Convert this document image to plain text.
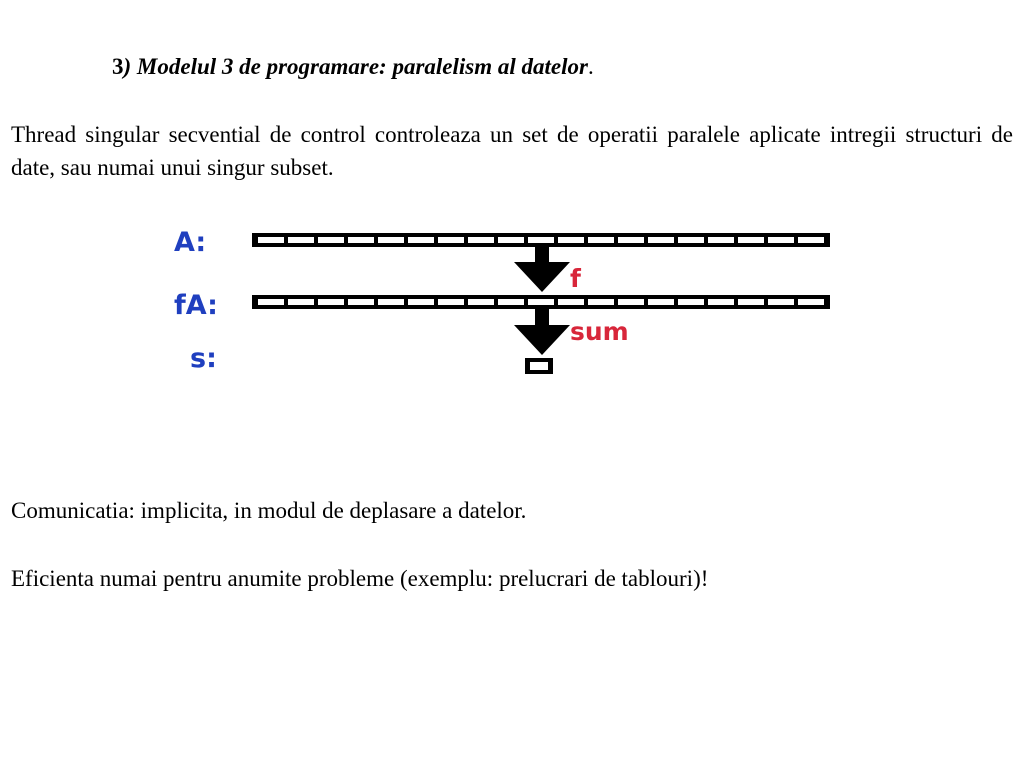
3) Modelul 3 de programare: paralelism al datelor.
Thread singular secvential de control controleaza un set de operatii paralele aplicate intregii structuri de date, sau numai unui singur subset.
A:
fA:
s:
f
sum
Comunicatia: implicita, in modul de deplasare a datelor.
Eficienta numai pentru anumite probleme (exemplu: prelucrari de tablouri)!
